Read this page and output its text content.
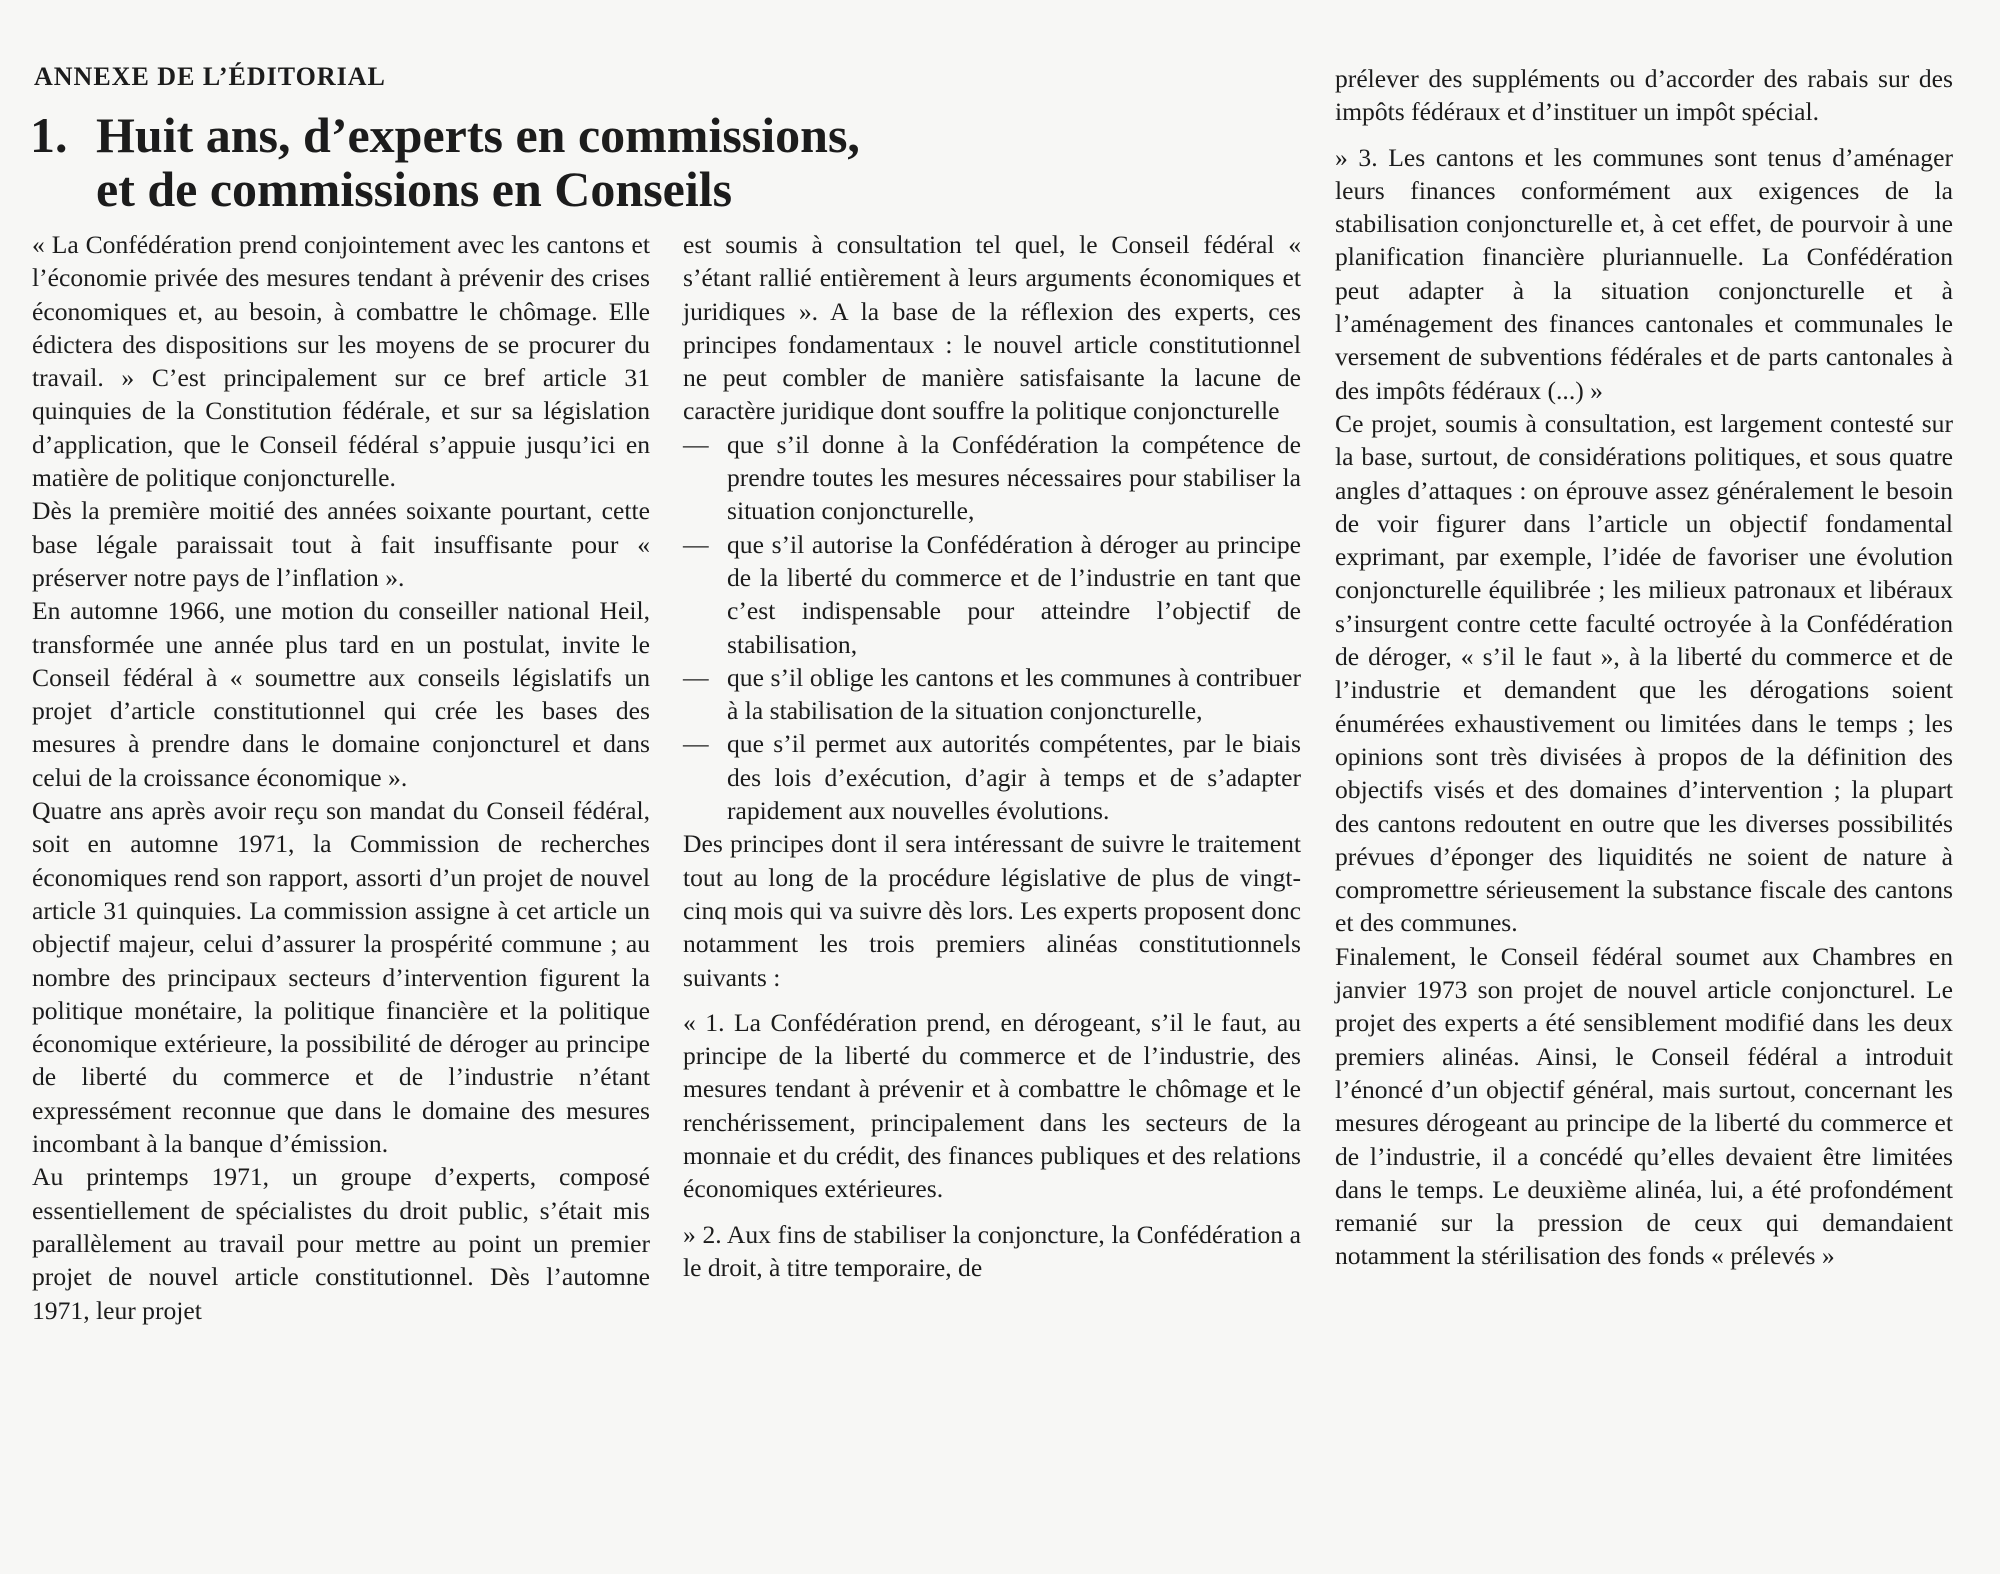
ANNEXE DE L’ÉDITORIAL
1. Huit ans, d’experts en commissions,
et de commissions en Conseils

« La Confédération prend conjointement avec les cantons et l’économie privée des mesures tendant à prévenir des crises économiques et, au besoin, à combattre le chômage. Elle édictera des dispositions sur les moyens de se procurer du travail. » C’est principalement sur ce bref article 31 quinquies de la Constitution fédérale, et sur sa législation d’application, que le Conseil fédéral s’appuie jusqu’ici en matière de politique conjoncturelle.

Dès la première moitié des années soixante pourtant, cette base légale paraissait tout à fait insuffisante pour « préserver notre pays de l’inflation ».

En automne 1966, une motion du conseiller national Heil, transformée une année plus tard en un postulat, invite le Conseil fédéral à « soumettre aux conseils législatifs un projet d’article constitutionnel qui crée les bases des mesures à prendre dans le domaine conjoncturel et dans celui de la croissance économique ».

Quatre ans après avoir reçu son mandat du Conseil fédéral, soit en automne 1971, la Commission de recherches économiques rend son rapport, assorti d’un projet de nouvel article 31 quinquies. La commission assigne à cet article un objectif majeur, celui d’assurer la prospérité commune ; au nombre des principaux secteurs d’intervention figurent la politique monétaire, la politique financière et la politique économique extérieure, la possibilité de déroger au principe de liberté du commerce et de l’industrie n’étant expressément reconnue que dans le domaine des mesures incombant à la banque d’émission.

Au printemps 1971, un groupe d’experts, composé essentiellement de spécialistes du droit public, s’était mis parallèlement au travail pour mettre au point un premier projet de nouvel article constitutionnel. Dès l’automne 1971, leur projet

est soumis à consultation tel quel, le Conseil fédéral « s’étant rallié entièrement à leurs arguments économiques et juridiques ». A la base de la réflexion des experts, ces principes fondamentaux : le nouvel article constitutionnel ne peut combler de manière satisfaisante la lacune de caractère juridique dont souffre la politique conjoncturelle

— que s’il donne à la Confédération la compétence de prendre toutes les mesures nécessaires pour stabiliser la situation conjoncturelle,

— que s’il autorise la Confédération à déroger au principe de la liberté du commerce et de l’industrie en tant que c’est indispensable pour atteindre l’objectif de stabilisation,

— que s’il oblige les cantons et les communes à contribuer à la stabilisation de la situation conjoncturelle,

— que s’il permet aux autorités compétentes, par le biais des lois d’exécution, d’agir à temps et de s’adapter rapidement aux nouvelles évolutions.

Des principes dont il sera intéressant de suivre le traitement tout au long de la procédure législative de plus de vingt-cinq mois qui va suivre dès lors. Les experts proposent donc notamment les trois premiers alinéas constitutionnels suivants :

« 1. La Confédération prend, en dérogeant, s’il le faut, au principe de la liberté du commerce et de l’industrie, des mesures tendant à prévenir et à combattre le chômage et le renchérissement, principalement dans les secteurs de la monnaie et du crédit, des finances publiques et des relations économiques extérieures.

» 2. Aux fins de stabiliser la conjoncture, la Confédération a le droit, à titre temporaire, de

prélever des suppléments ou d’accorder des rabais sur des impôts fédéraux et d’instituer un impôt spécial.

» 3. Les cantons et les communes sont tenus d’aménager leurs finances conformément aux exigences de la stabilisation conjoncturelle et, à cet effet, de pourvoir à une planification financière pluriannuelle. La Confédération peut adapter à la situation conjoncturelle et à l’aménagement des finances cantonales et communales le versement de subventions fédérales et de parts cantonales à des impôts fédéraux (...) »

Ce projet, soumis à consultation, est largement contesté sur la base, surtout, de considérations politiques, et sous quatre angles d’attaques : on éprouve assez généralement le besoin de voir figurer dans l’article un objectif fondamental exprimant, par exemple, l’idée de favoriser une évolution conjoncturelle équilibrée ; les milieux patronaux et libéraux s’insurgent contre cette faculté octroyée à la Confédération de déroger, « s’il le faut », à la liberté du commerce et de l’industrie et demandent que les dérogations soient énumérées exhaustivement ou limitées dans le temps ; les opinions sont très divisées à propos de la définition des objectifs visés et des domaines d’intervention ; la plupart des cantons redoutent en outre que les diverses possibilités prévues d’éponger des liquidités ne soient de nature à compromettre sérieusement la substance fiscale des cantons et des communes.

Finalement, le Conseil fédéral soumet aux Chambres en janvier 1973 son projet de nouvel article conjoncturel. Le projet des experts a été sensiblement modifié dans les deux premiers alinéas. Ainsi, le Conseil fédéral a introduit l’énoncé d’un objectif général, mais surtout, concernant les mesures dérogeant au principe de la liberté du commerce et de l’industrie, il a concédé qu’elles devaient être limitées dans le temps. Le deuxième alinéa, lui, a été profondément remanié sur la pression de ceux qui demandaient notamment la stérilisation des fonds « prélevés »
